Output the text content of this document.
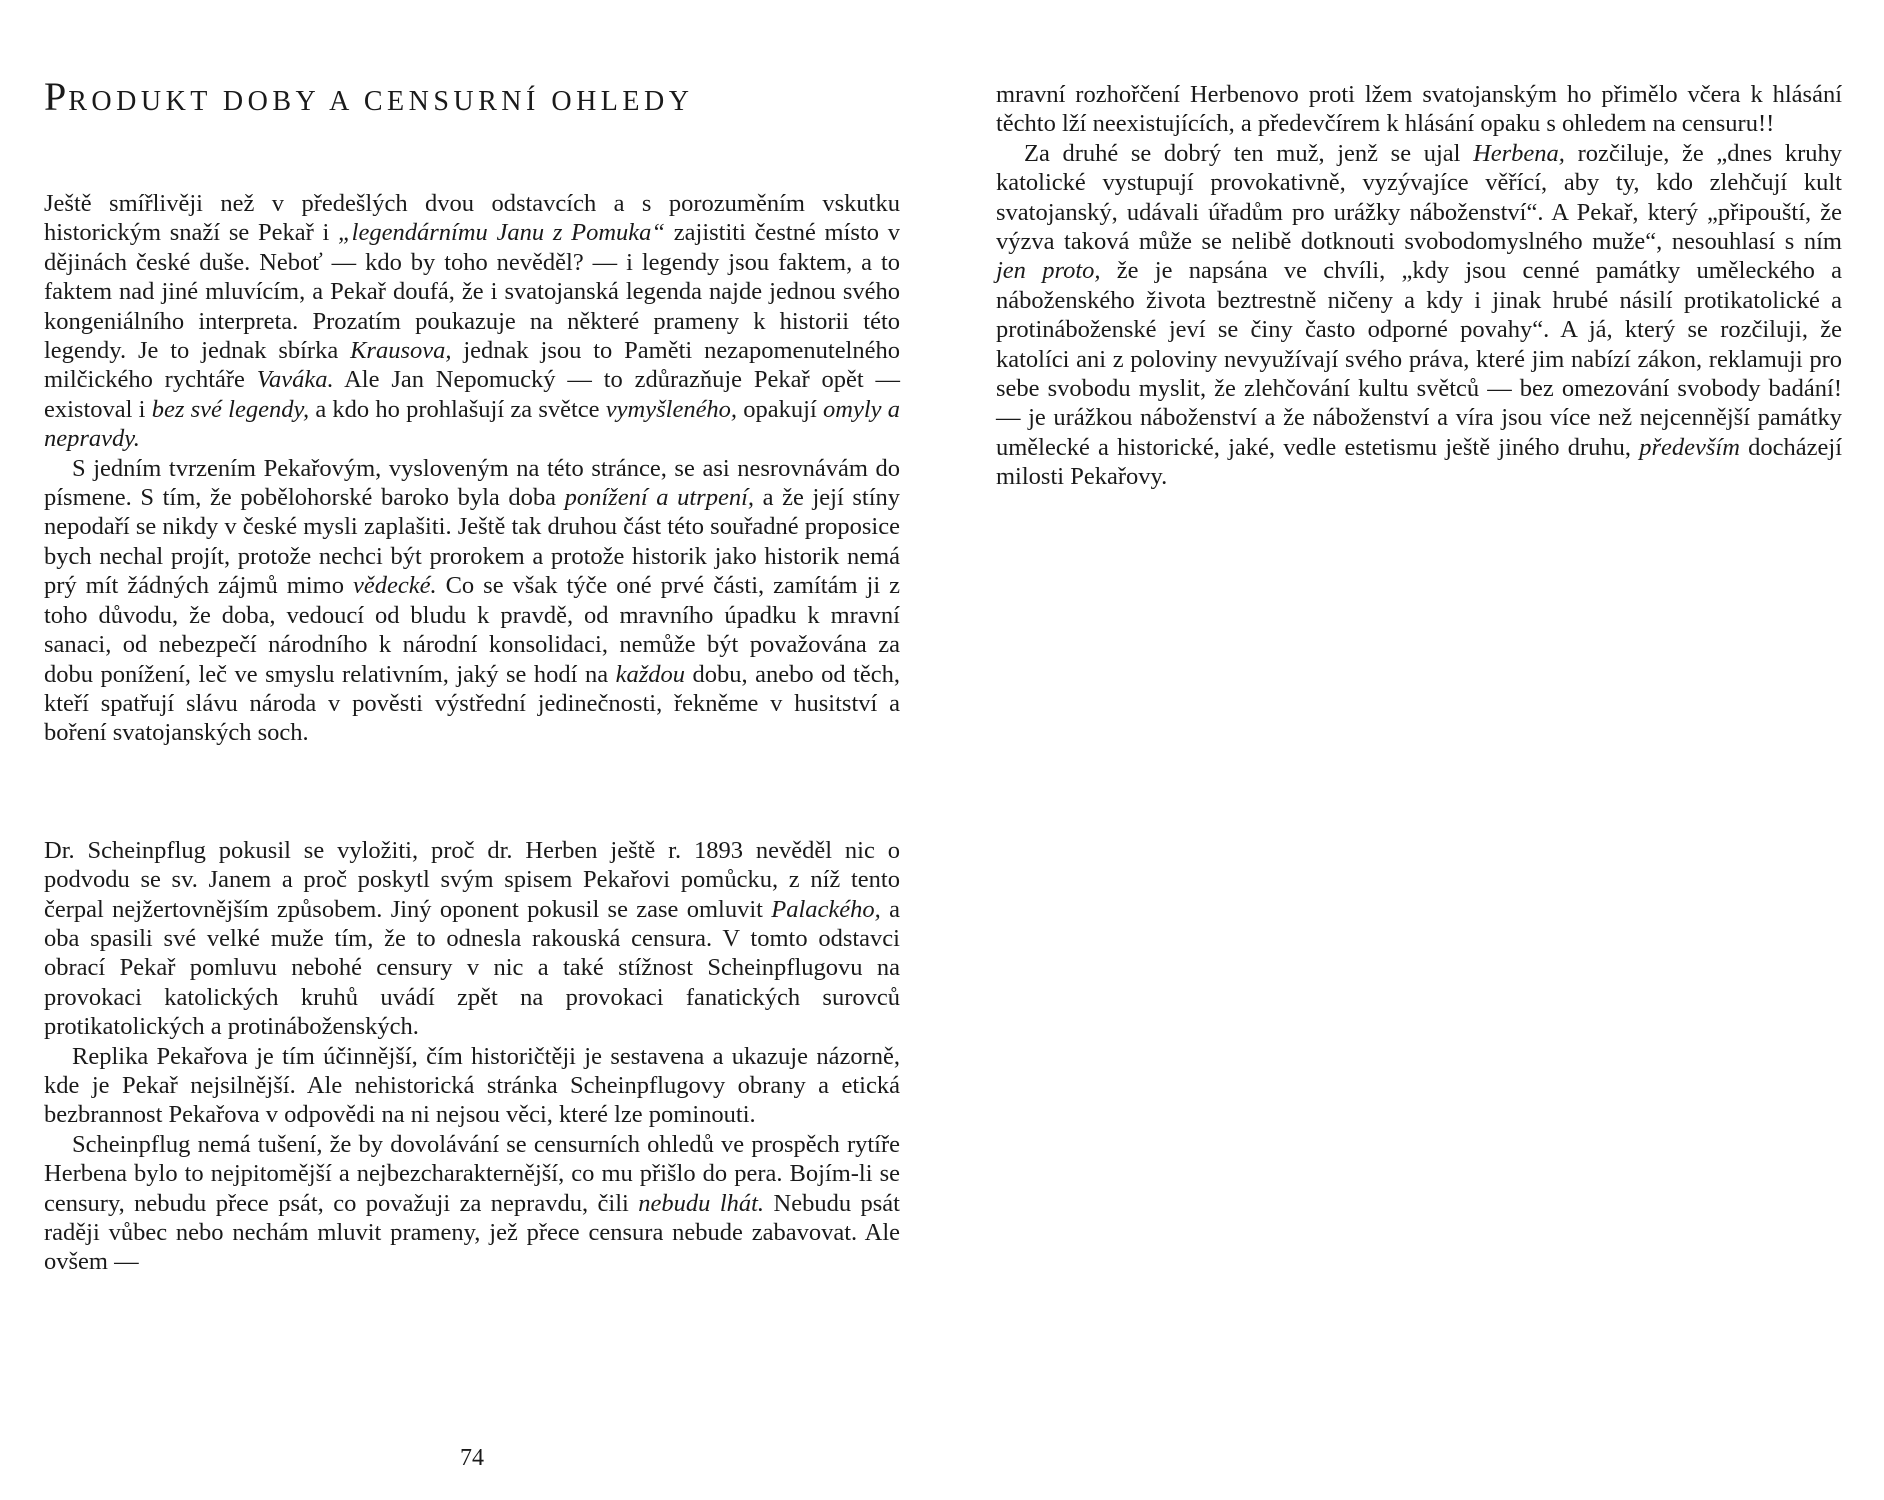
PRODUKT DOBY A CENSURNÍ OHLEDY

Ještě smířlivěji než v předešlých dvou odstavcích a s porozuměním vskutku historickým snaží se Pekař i „legendárnímu Janu z Pomuka“ zajistiti čestné místo v dějinách české duše. Neboť — kdo by toho nevěděl? — i legendy jsou faktem, a to faktem nad jiné mluvícím, a Pekař doufá, že i svatojanská legenda najde jednou svého kongeniálního interpreta. Prozatím poukazuje na některé prameny k historii této legendy. Je to jednak sbírka Krausova, jednak jsou to Paměti nezapomenutelného milčického rychtáře Vaváka. Ale Jan Nepomucký — to zdůrazňuje Pekař opět — existoval i bez své legendy, a kdo ho prohlašují za světce vymyšleného, opakují omyly a nepravdy.

S jedním tvrzením Pekařovým, vysloveným na této stránce, se asi nesrovnávám do písmene. S tím, že pobělohorské baroko byla doba ponížení a utrpení, a že její stíny nepodaří se nikdy v české mysli zaplašiti. Ještě tak druhou část této souřadné proposice bych nechal projít, protože nechci být prorokem a protože historik jako historik nemá prý mít žádných zájmů mimo vědecké. Co se však týče oné prvé části, zamítám ji z toho důvodu, že doba, vedoucí od bludu k pravdě, od mravního úpadku k mravní sanaci, od nebezpečí národního k národní konsolidaci, nemůže být považována za dobu ponížení, leč ve smyslu relativním, jaký se hodí na každou dobu, anebo od těch, kteří spatřují slávu národa v pověsti výstřední jedinečnosti, řekněme v husitství a boření svatojanských soch.

Dr. Scheinpflug pokusil se vyložiti, proč dr. Herben ještě r. 1893 nevěděl nic o podvodu se sv. Janem a proč poskytl svým spisem Pekařovi pomůcku, z níž tento čerpal nejžertovnějším způsobem. Jiný oponent pokusil se zase omluvit Palackého, a oba spasili své velké muže tím, že to odnesla rakouská censura. V tomto odstavci obrací Pekař pomluvu nebohé censury v nic a také stížnost Scheinpflugovu na provokaci katolických kruhů uvádí zpět na provokaci fanatických surovců protikatolických a protináboženských.

Replika Pekařova je tím účinnější, čím historičtěji je sestavena a ukazuje názorně, kde je Pekař nejsilnější. Ale nehistorická stránka Scheinpflugovy obrany a etická bezbrannost Pekařova v odpovědi na ni nejsou věci, které lze pominouti.

Scheinpflug nemá tušení, že by dovolávání se censurních ohledů ve prospěch rytíře Herbena bylo to nejpitomější a nejbezcharakternější, co mu přišlo do pera. Bojím-li se censury, nebudu přece psát, co považuji za nepravdu, čili nebudu lhát. Nebudu psát raději vůbec nebo nechám mluvit prameny, jež přece censura nebude zabavovat. Ale ovšem —

74

mravní rozhořčení Herbenovo proti lžem svatojanským ho přimělo včera k hlásání těchto lží neexistujících, a předevčírem k hlásání opaku s ohledem na censuru!!

Za druhé se dobrý ten muž, jenž se ujal Herbena, rozčiluje, že „dnes kruhy katolické vystupují provokativně, vyzývajíce věřící, aby ty, kdo zlehčují kult svatojanský, udávali úřadům pro urážky náboženství“. A Pekař, který „připouští, že výzva taková může se nelibě dotknouti svobodomyslného muže“, nesouhlasí s ním jen proto, že je napsána ve chvíli, „kdy jsou cenné památky uměleckého a náboženského života beztrestně ničeny a kdy i jinak hrubé násilí protikatolické a protináboženské jeví se činy často odporné povahy“. A já, který se rozčiluji, že katolíci ani z poloviny nevyužívají svého práva, které jim nabízí zákon, reklamuji pro sebe svobodu myslit, že zlehčování kultu světců — bez omezování svobody badání! — je urážkou náboženství a že náboženství a víra jsou více než nejcennější památky umělecké a historické, jaké, vedle estetismu ještě jiného druhu, především docházejí milosti Pekařovy.
